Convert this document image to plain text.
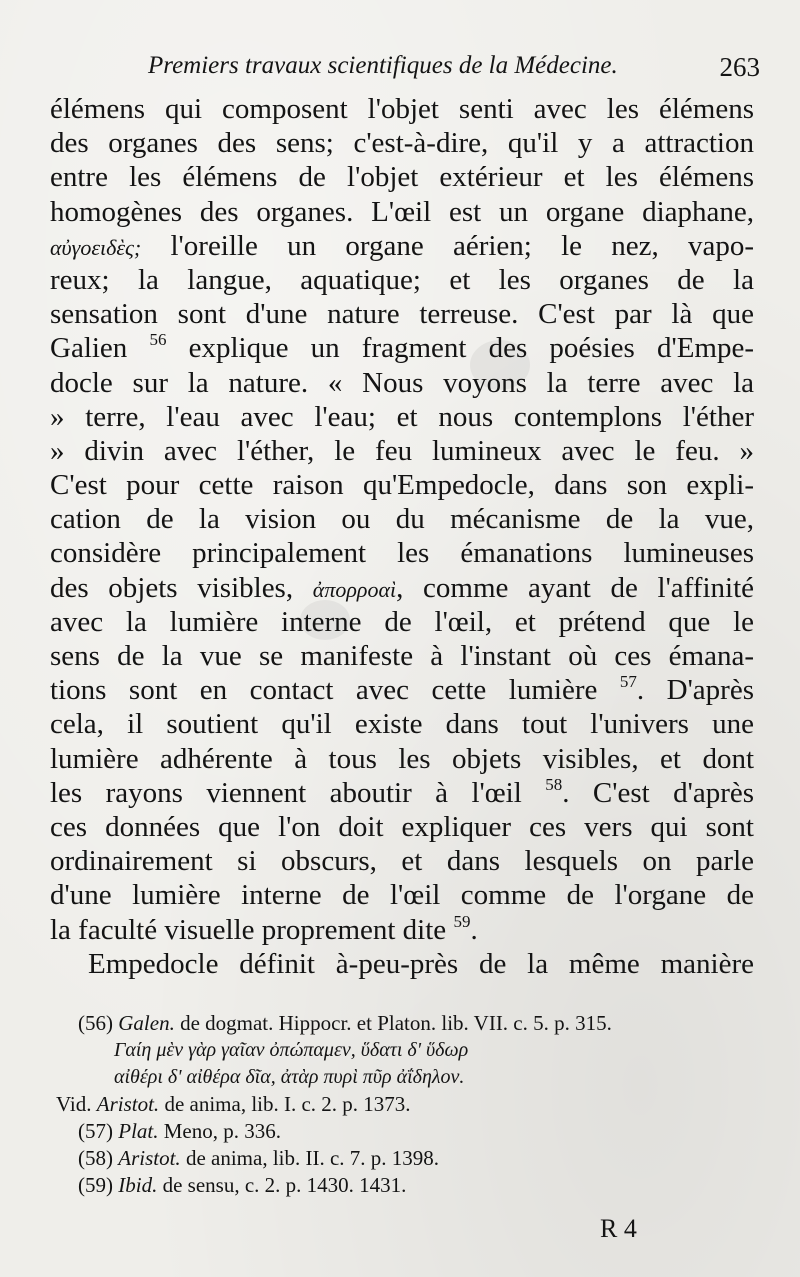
Premiers travaux scientifiques de la Médecine.	263
élémens qui composent l'objet senti avec les élémens
des organes des sens; c'est-à-dire, qu'il y a attraction
entre les élémens de l'objet extérieur et les élémens
homogènes des organes. L'œil est un organe diaphane,
αὐγοειδὲς; l'oreille un organe aérien; le nez, vapo-
reux; la langue, aquatique; et les organes de la
sensation sont d'une nature terreuse. C'est par là que
Galien $^{56}$ explique un fragment des poésies d'Empe-
docle sur la nature. « Nous voyons la terre avec la
» terre, l'eau avec l'eau; et nous contemplons l'éther
» divin avec l'éther, le feu lumineux avec le feu. »
C'est pour cette raison qu'Empedocle, dans son expli-
cation de la vision ou du mécanisme de la vue,
considère principalement les émanations lumineuses
des objets visibles, ἀπορροαὶ, comme ayant de l'affinité
avec la lumière interne de l'œil, et prétend que le
sens de la vue se manifeste à l'instant où ces émana-
tions sont en contact avec cette lumière $^{57}$. D'après
cela, il soutient qu'il existe dans tout l'univers une
lumière adhérente à tous les objets visibles, et dont
les rayons viennent aboutir à l'œil $^{58}$. C'est d'après
ces données que l'on doit expliquer ces vers qui sont
ordinairement si obscurs, et dans lesquels on parle
d'une lumière interne de l'œil comme de l'organe de
la faculté visuelle proprement dite $^{59}$.
Empedocle définit à-peu-près de la même manière
(56) Galen. de dogmat. Hippocr. et Platon. lib. VII. c. 5. p. 315.
Γαίη μὲν γὰρ γαῖαν ὀπώπαμεν, ὕδατι δ' ὕδωρ
αἰθέρι δ' αἰθέρα δῖα, ἀτὰρ πυρὶ πῦρ ἀΐδηλον.
Vid. Aristot. de anima, lib. I. c. 2. p. 1373.
(57) Plat. Meno, p. 336.
(58) Aristot. de anima, lib. II. c. 7. p. 1398.
(59) Ibid. de sensu, c. 2. p. 1430. 1431.
R 4
